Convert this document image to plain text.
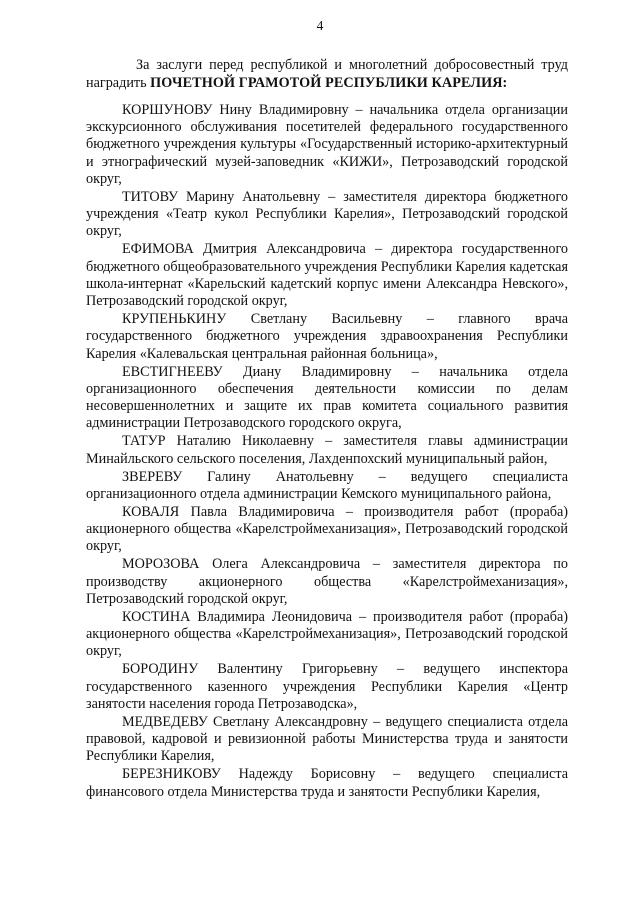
4
За заслуги перед республикой и многолетний добросовестный труд
наградить ПОЧЕТНОЙ ГРАМОТОЙ РЕСПУБЛИКИ КАРЕЛИЯ:

КОРШУНОВУ Нину Владимировну – начальника отдела организации экскурсионного обслуживания посетителей федерального государственного бюджетного учреждения культуры «Государственный историко-архитектурный и этнографический музей-заповедник «КИЖИ», Петрозаводский городской округ,

ТИТОВУ Марину Анатольевну – заместителя директора бюджетного учреждения «Театр кукол Республики Карелия», Петрозаводский городской округ,

ЕФИМОВА Дмитрия Александровича – директора государственного бюджетного общеобразовательного учреждения Республики Карелия кадетская школа-интернат «Карельский кадетский корпус имени Александра Невского», Петрозаводский городской округ,

КРУПЕНЬКИНУ Светлану Васильевну – главного врача государственного бюджетного учреждения здравоохранения Республики Карелия «Калевальская центральная районная больница»,

ЕВСТИГНЕЕВУ Диану Владимировну – начальника отдела организационного обеспечения деятельности комиссии по делам несовершеннолетних и защите их прав комитета социального развития администрации Петрозаводского городского округа,

ТАТУР Наталию Николаевну – заместителя главы администрации Минайльского сельского поселения, Лахденпохский муниципальный район,

ЗВЕРЕВУ Галину Анатольевну – ведущего специалиста организационного отдела администрации Кемского муниципального района,

КОВАЛЯ Павла Владимировича – производителя работ (прораба) акционерного общества «Карелстроймеханизация», Петрозаводский городской округ,

МОРОЗОВА Олега Александровича – заместителя директора по производству акционерного общества «Карелстроймеханизация», Петрозаводский городской округ,

КОСТИНА Владимира Леонидовича – производителя работ (прораба) акционерного общества «Карелстроймеханизация», Петрозаводский городской округ,

БОРОДИНУ Валентину Григорьевну – ведущего инспектора государственного казенного учреждения Республики Карелия «Центр занятости населения города Петрозаводска»,

МЕДВЕДЕВУ Светлану Александровну – ведущего специалиста отдела правовой, кадровой и ревизионной работы Министерства труда и занятости Республики Карелия,

БЕРЕЗНИКОВУ Надежду Борисовну – ведущего специалиста финансового отдела Министерства труда и занятости Республики Карелия,
